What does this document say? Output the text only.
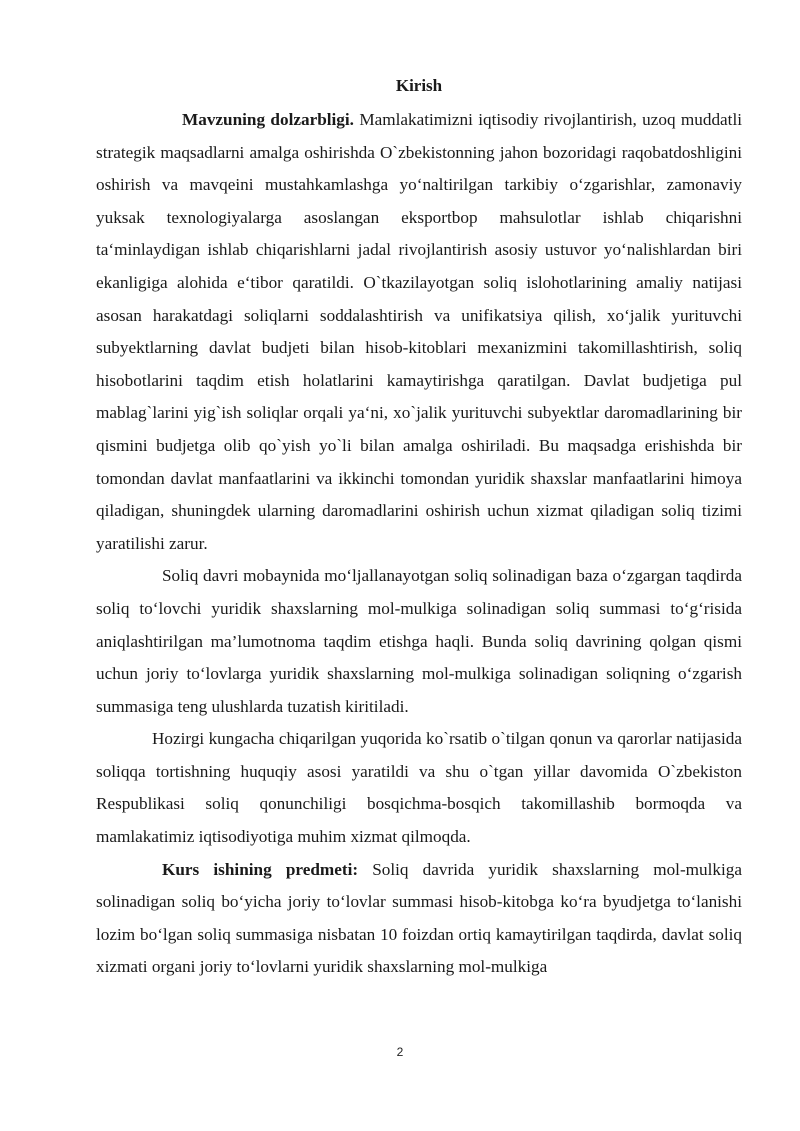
Kirish

Mavzuning dolzarbligi. Mamlakatimizni iqtisodiy rivojlantirish, uzoq muddatli strategik maqsadlarni amalga oshirishda O`zbekistonning jahon bozoridagi raqobatdoshligini oshirish va mavqeini mustahkamlashga yo‘naltirilgan tarkibiy o‘zgarishlar, zamonaviy yuksak texnologiyalarga asoslangan eksportbop mahsulotlar ishlab chiqarishni ta‘minlaydigan ishlab chiqarishlarni jadal rivojlantirish asosiy ustuvor yo‘nalishlardan biri ekanligiga alohida e‘tibor qaratildi. O`tkazilayotgan soliq islohotlarining amaliy natijasi asosan harakatdagi soliqlarni soddalashtirish va unifikatsiya qilish, xo‘jalik yurituvchi subyektlarning davlat budjeti bilan hisob-kitoblari mexanizmini takomillashtirish, soliq hisobotlarini taqdim etish holatlarini kamaytirishga qaratilgan. Davlat budjetiga pul mablag`larini yig`ish soliqlar orqali ya‘ni, xo`jalik yurituvchi subyektlar daromadlarining bir qismini budjetga olib qo`yish yo`li bilan amalga oshiriladi. Bu maqsadga erishishda bir tomondan davlat manfaatlarini va ikkinchi tomondan yuridik shaxslar manfaatlarini himoya qiladigan, shuningdek ularning daromadlarini oshirish uchun xizmat qiladigan soliq tizimi yaratilishi zarur.

Soliq davri mobaynida mo‘ljallanayotgan soliq solinadigan baza o‘zgargan taqdirda soliq to‘lovchi yuridik shaxslarning mol-mulkiga solinadigan soliq summasi to‘g‘risida aniqlashtirilgan ma’lumotnoma taqdim etishga haqli. Bunda soliq davrining qolgan qismi uchun joriy to‘lovlarga yuridik shaxslarning mol-mulkiga solinadigan soliqning o‘zgarish summasiga teng ulushlarda tuzatish kiritiladi.

Hozirgi kungacha chiqarilgan yuqorida ko`rsatib o`tilgan qonun va qarorlar natijasida soliqqa tortishning huquqiy asosi yaratildi va shu o`tgan yillar davomida O`zbekiston Respublikasi soliq qonunchiligi bosqichma-bosqich takomillashib bormoqda va mamlakatimiz iqtisodiyotiga muhim xizmat qilmoqda.

Kurs ishining predmeti: Soliq davrida yuridik shaxslarning mol-mulkiga solinadigan soliq bo‘yicha joriy to‘lovlar summasi hisob-kitobga ko‘ra byudjetga to‘lanishi lozim bo‘lgan soliq summasiga nisbatan 10 foizdan ortiq kamaytirilgan taqdirda, davlat soliq xizmati organi joriy to‘lovlarni yuridik shaxslarning mol-mulkiga

2
